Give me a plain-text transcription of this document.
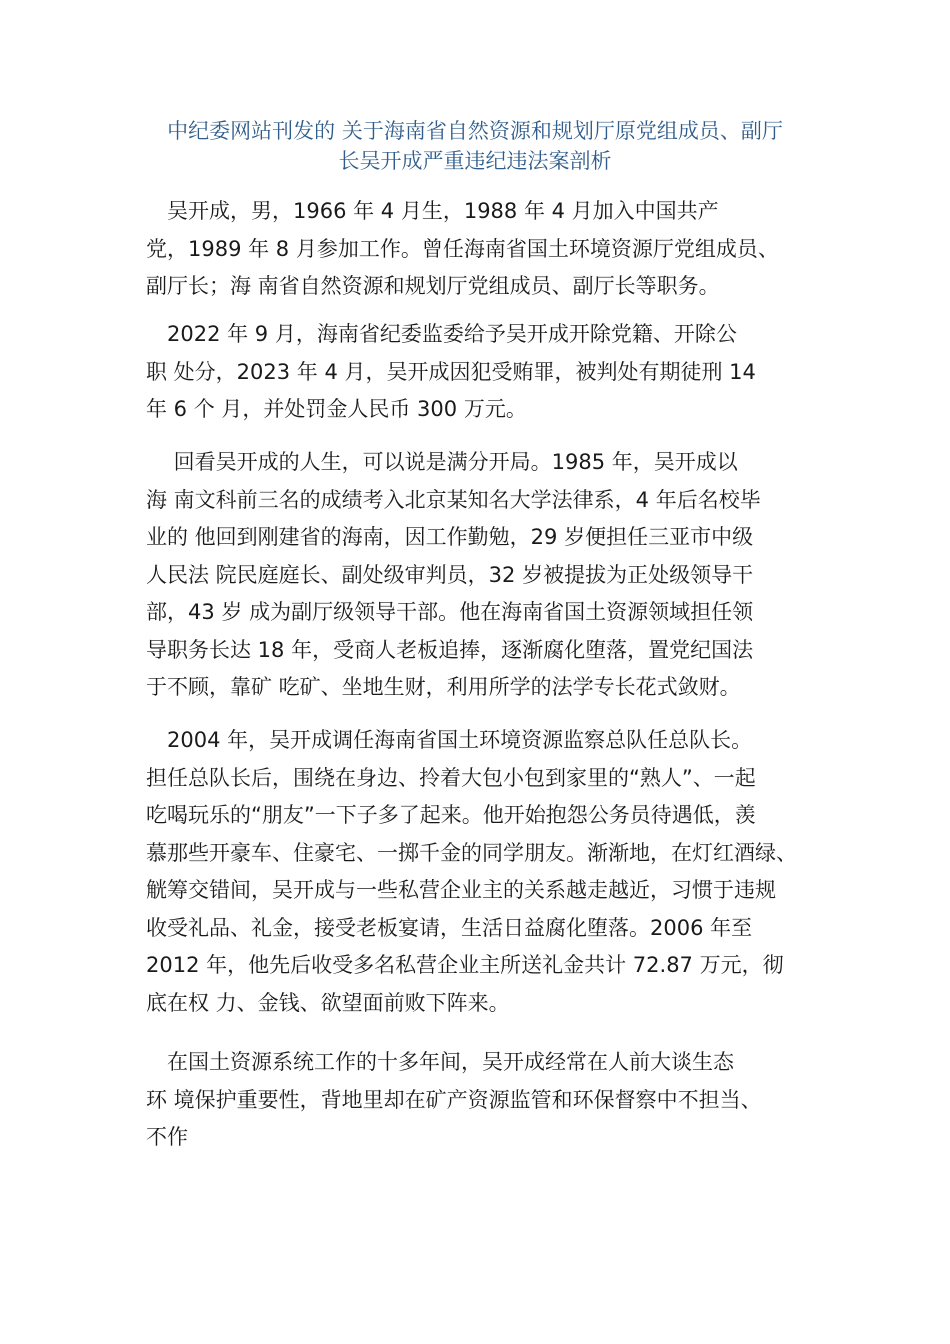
中纪委网站刊发的 关于海南省自然资源和规划厅原党组成员、副厅
长吴开成严重违纪违法案剖析
　吴开成，男，1966 年 4 月生，1988 年 4 月加入中国共产
党，1989 年 8 月参加工作。曾任海南省国土环境资源厅党组成员、
副厅长；海 南省自然资源和规划厅党组成员、副厅长等职务。
　2022 年 9 月，海南省纪委监委给予吴开成开除党籍、开除公
职 处分，2023 年 4 月，吴开成因犯受贿罪，被判处有期徒刑 14
年 6 个 月，并处罚金人民币 300 万元。
　 回看吴开成的人生，可以说是满分开局。1985 年，吴开成以
海 南文科前三名的成绩考入北京某知名大学法律系，4 年后名校毕
业的 他回到刚建省的海南，因工作勤勉，29 岁便担任三亚市中级
人民法 院民庭庭长、副处级审判员，32 岁被提拔为正处级领导干
部，43 岁 成为副厅级领导干部。他在海南省国土资源领域担任领
导职务长达 18 年，受商人老板追捧，逐渐腐化堕落，置党纪国法
于不顾，靠矿 吃矿、坐地生财，利用所学的法学专长花式敛财。
　2004 年，吴开成调任海南省国土环境资源监察总队任总队长。
担任总队长后，围绕在身边、拎着大包小包到家里的“熟人”、一起
吃喝玩乐的“朋友”一下子多了起来。他开始抱怨公务员待遇低，羡
慕那些开豪车、住豪宅、一掷千金的同学朋友。渐渐地，在灯红酒绿、
觥筹交错间，吴开成与一些私营企业主的关系越走越近，习惯于违规
收受礼品、礼金，接受老板宴请，生活日益腐化堕落。2006 年至
2012 年，他先后收受多名私营企业主所送礼金共计 72.87 万元，彻
底在权 力、金钱、欲望面前败下阵来。
　在国土资源系统工作的十多年间，吴开成经常在人前大谈生态
环 境保护重要性，背地里却在矿产资源监管和环保督察中不担当、
不作
